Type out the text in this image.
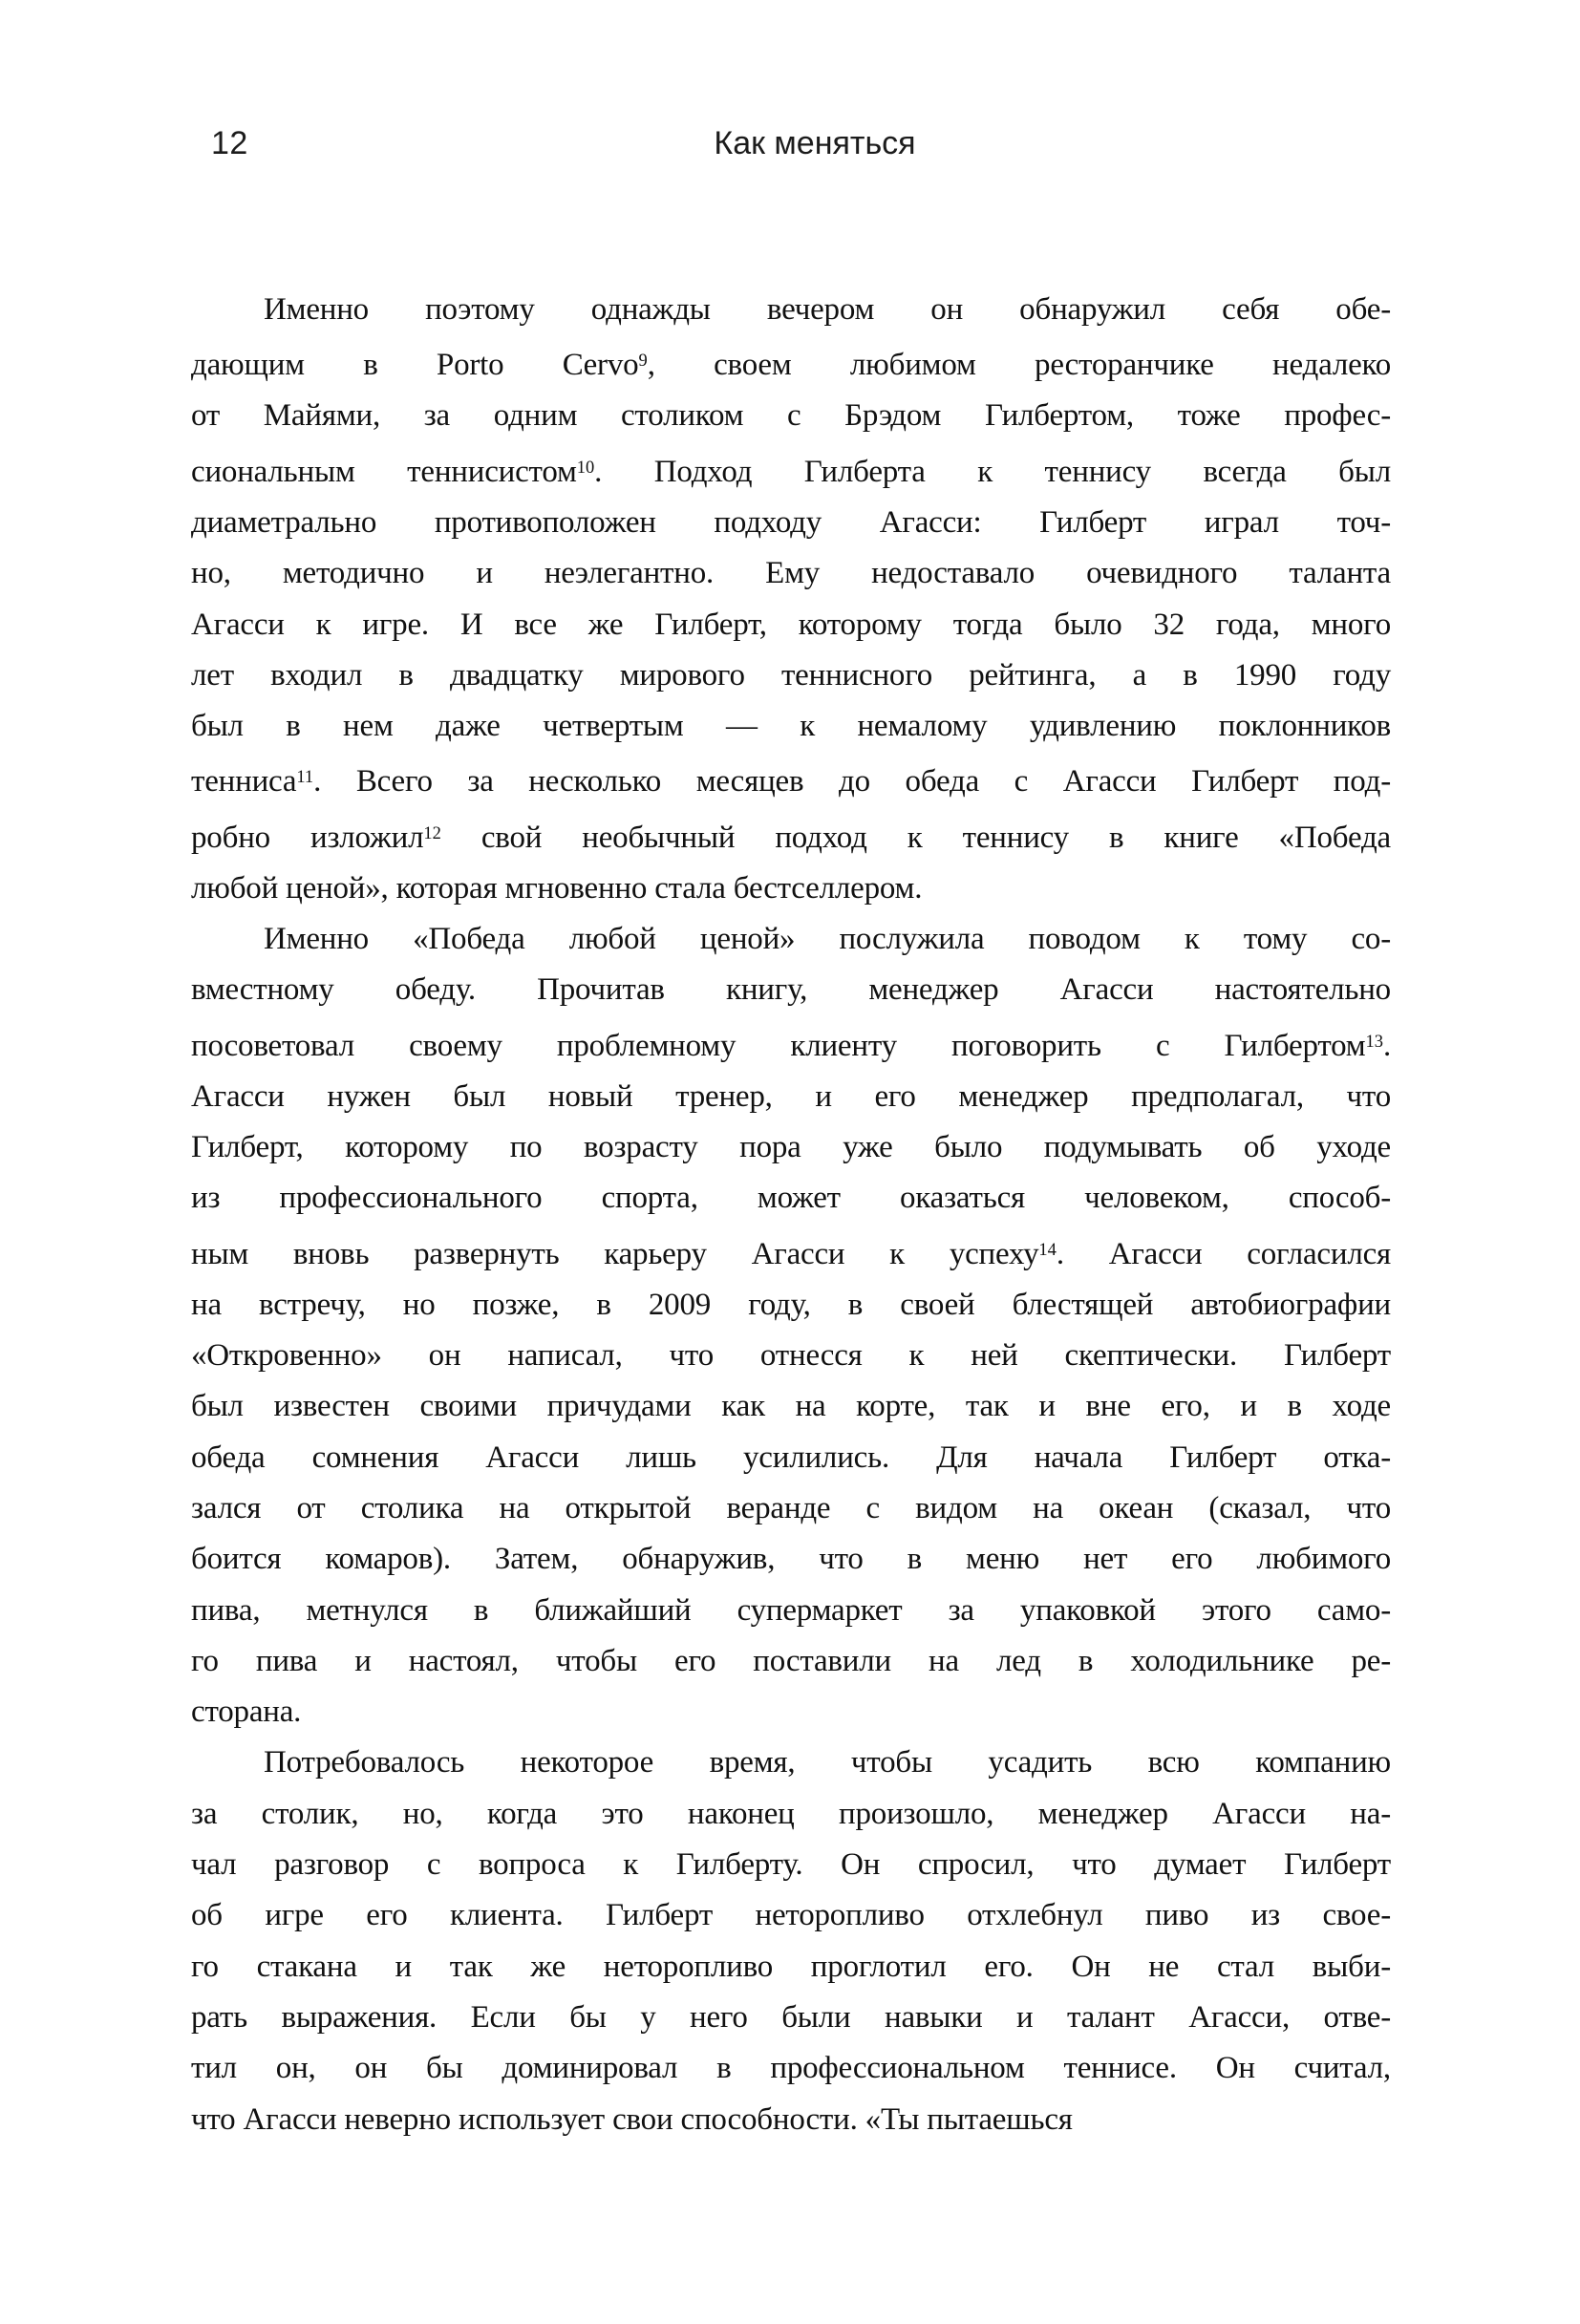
12	Как меняться
Именно поэтому однажды вечером он обнаружил себя обе-
дающим в Porto Cervo$^9$, своем любимом ресторанчике недалеко
от Майями, за одним столиком с Брэдом Гилбертом, тоже профес-
сиональным теннисистом$^{10}$. Подход Гилберта к теннису всегда был
диаметрально противоположен подходу Агасси: Гилберт играл точ-
но, методично и неэлегантно. Ему недоставало очевидного таланта
Агасси к игре. И все же Гилберт, которому тогда было 32 года, много
лет входил в двадцатку мирового теннисного рейтинга, а в 1990 году
был в нем даже четвертым — к немалому удивлению поклонников
тенниса$^{11}$. Всего за несколько месяцев до обеда с Агасси Гилберт под-
робно изложил$^{12}$ свой необычный подход к теннису в книге «Победа
любой ценой», которая мгновенно стала бестселлером.
Именно «Победа любой ценой» послужила поводом к тому со-
вместному обеду. Прочитав книгу, менеджер Агасси настоятельно
посоветовал своему проблемному клиенту поговорить с Гилбертом$^{13}$.
Агасси нужен был новый тренер, и его менеджер предполагал, что
Гилберт, которому по возрасту пора уже было подумывать об уходе
из профессионального спорта, может оказаться человеком, способ-
ным вновь развернуть карьеру Агасси к успеху$^{14}$. Агасси согласился
на встречу, но позже, в 2009 году, в своей блестящей автобиографии
«Откровенно» он написал, что отнесся к ней скептически. Гилберт
был известен своими причудами как на корте, так и вне его, и в ходе
обеда сомнения Агасси лишь усилились. Для начала Гилберт отка-
зался от столика на открытой веранде с видом на океан (сказал, что
боится комаров). Затем, обнаружив, что в меню нет его любимого
пива, метнулся в ближайший супермаркет за упаковкой этого само-
го пива и настоял, чтобы его поставили на лед в холодильнике ре-
сторана.
Потребовалось некоторое время, чтобы усадить всю компанию
за столик, но, когда это наконец произошло, менеджер Агасси на-
чал разговор с вопроса к Гилберту. Он спросил, что думает Гилберт
об игре его клиента. Гилберт неторопливо отхлебнул пиво из свое-
го стакана и так же неторопливо проглотил его. Он не стал выби-
рать выражения. Если бы у него были навыки и талант Агасси, отве-
тил он, он бы доминировал в профессиональном теннисе. Он считал,
что Агасси неверно использует свои способности. «Ты пытаешься
